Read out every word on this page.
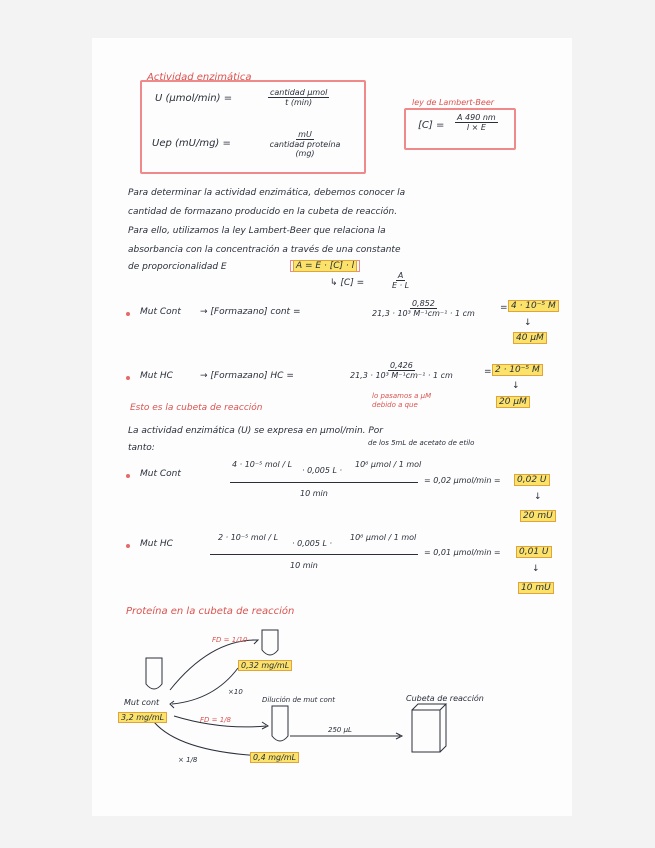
Actividad enzimática
U (µmol/min) =
cantidad µmol
t (min)
Uep (mU/mg) =
mU
cantidad proteína (mg)
ley de Lambert-Beer
$[C] = \frac{A 490 nm}{l \times E}$
Para determinar la actividad enzimática, debemos conocer la
cantidad de formazano producido en la cubeta de reacción.
Para ello, utilizamos la ley Lambert-Beer que relaciona la
absorbancia con la concentración a través de una constante
de proporcionalidad E	A = E · [C] · l
↳ [C] =	$\frac{A}{E \cdot L}$
Mut Cont → [Formazano] cont =	$\frac{0,852}{\text{21,3 · 10³ M⁻¹cm⁻¹ · 1 cm}}$	= 4 · 10⁻⁵ M
↓
40 µM
Mut HC	→ [Formazano] HC =	$\frac{0,426}{\text{21,3 · 10³ M⁻¹cm⁻¹ · 1 cm}}$	= 2 · 10⁻⁵ M
↓
20 µM
Esto es la cubeta de reacción
lo pasamos a µM debido a que
La actividad enzimática (U) se expresa en µmol/min. Por
tanto:	de los 5mL de acetato de etilo
Mut Cont
4 · 10⁻⁵ mol / L
· 0,005 L ·
10⁶ µmol / 1 mol
10 min
= 0,02 µmol/min =	0,02 U
↓
20 mU
Mut HC
2 · 10⁻⁵ mol / L
· 0,005 L ·
10⁶ µmol / 1 mol
10 min
= 0,01 µmol/min =	0,01 U
↓
10 mU
Proteína en la cubeta de reacción
FD = 1/10
0,32 mg/mL
×10
Dilución de mut cont
Mut cont
3,2 mg/mL	FD = 1/8
0,4 mg/mL
× 1/8
250 µL
Cubeta de reacción
